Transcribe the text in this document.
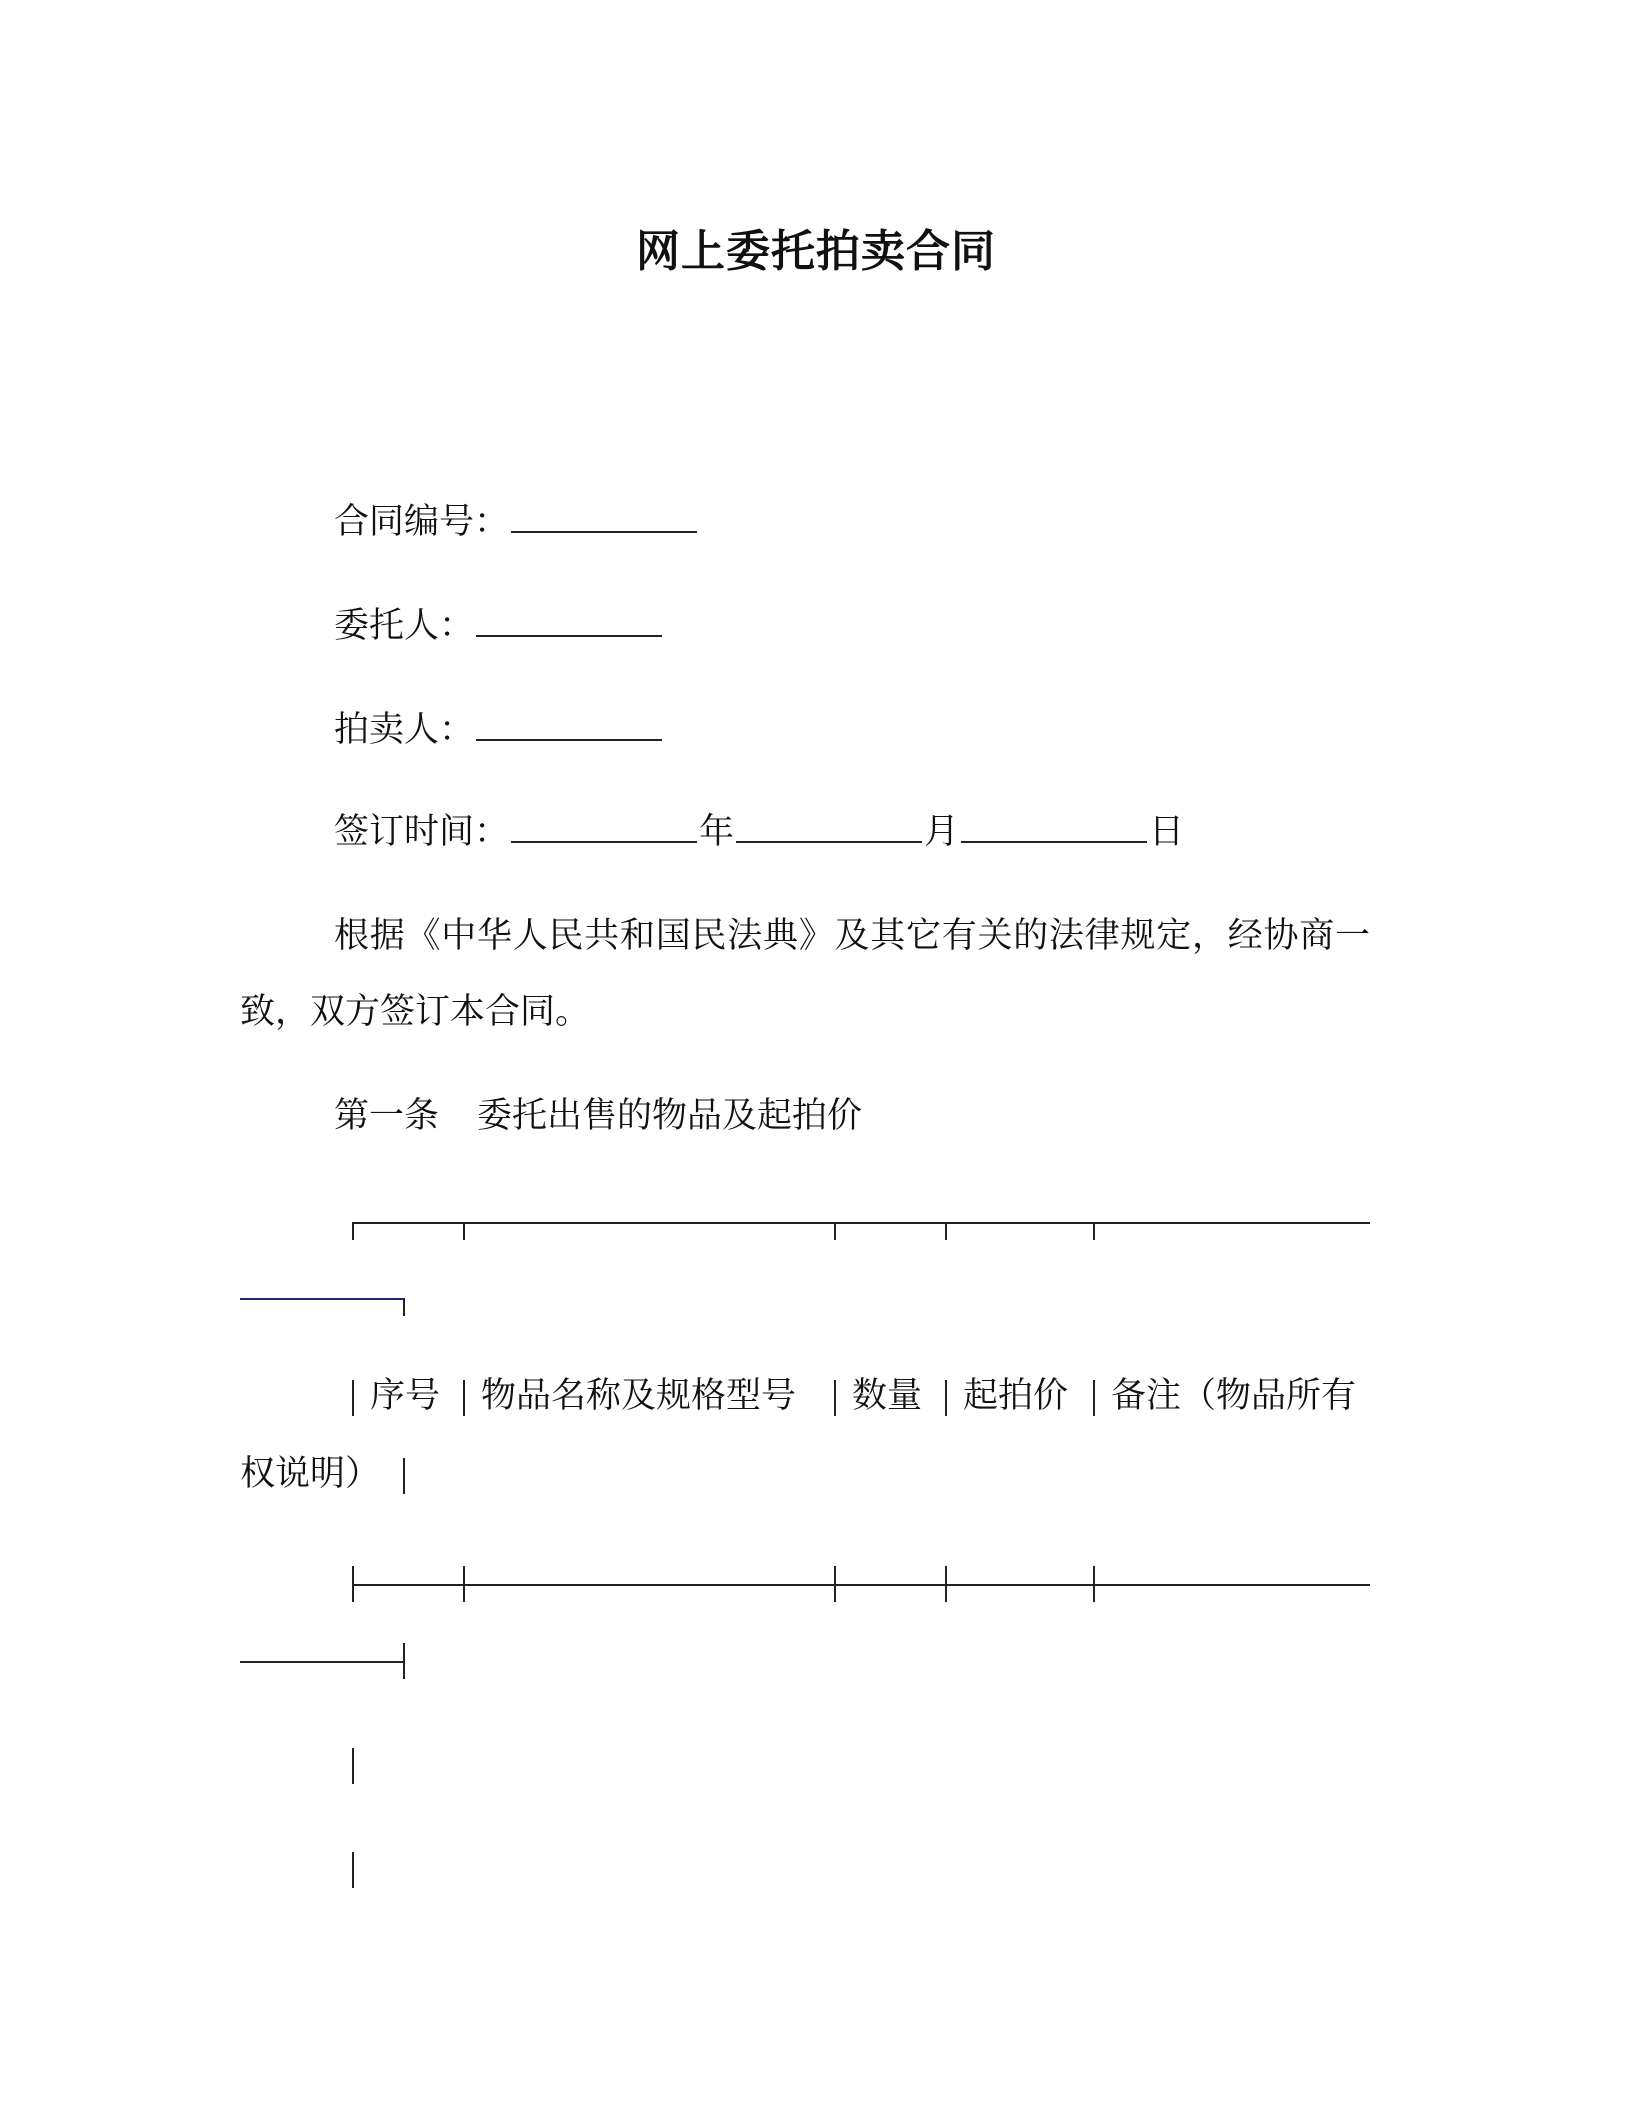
网上委托拍卖合同
合同编号：
委托人：
拍卖人：
签订时间：	年	月	日
根据《中华人民共和国民法典》及其它有关的法律规定，经协商一致，双方签订本合同。
第一条 委托出售的物品及起拍价
序号 物品名称及规格型号 数量 起拍价 备注（物品所有
权说明）
